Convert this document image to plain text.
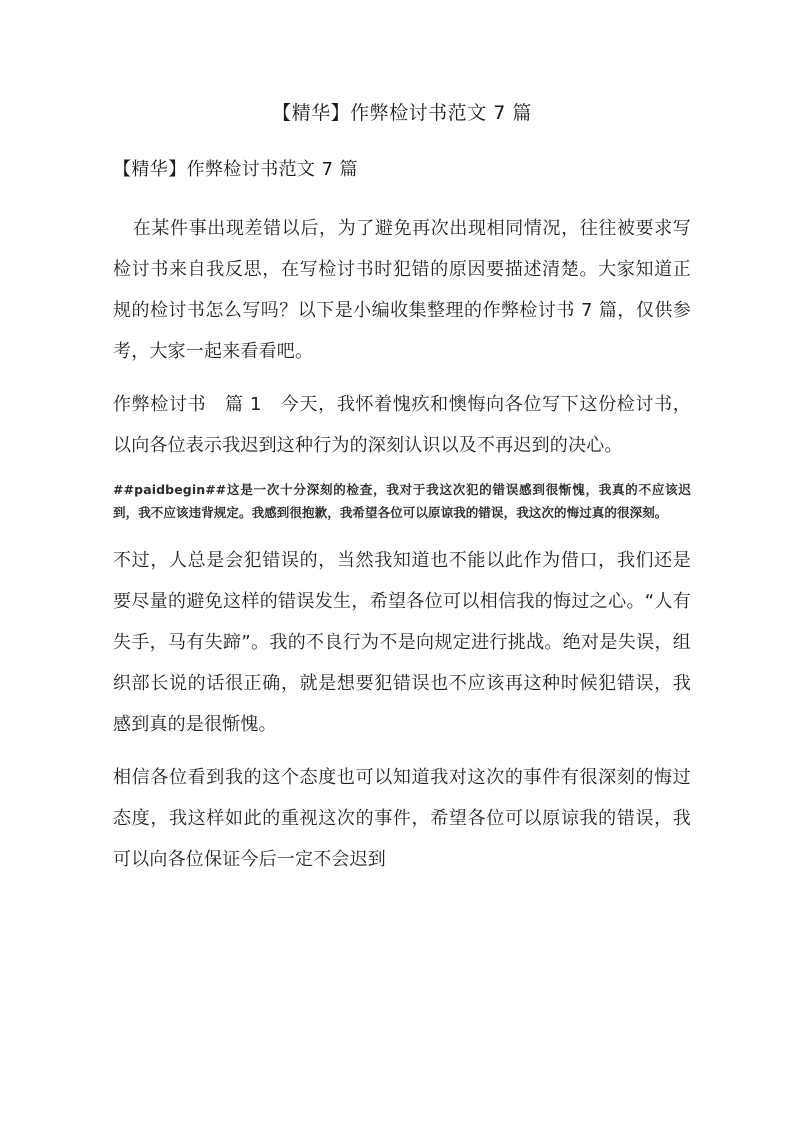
【精华】作弊检讨书范文 7 篇
【精华】作弊检讨书范文 7 篇

在某件事出现差错以后，为了避免再次出现相同情况，往往被要求写检讨书来自我反思，在写检讨书时犯错的原因要描述清楚。大家知道正规的检讨书怎么写吗？以下是小编收集整理的作弊检讨书 7 篇，仅供参考，大家一起来看看吧。

作弊检讨书　篇 1　今天，我怀着愧疚和懊悔向各位写下这份检讨书，以向各位表示我迟到这种行为的深刻认识以及不再迟到的决心。

##paidbegin##这是一次十分深刻的检查，我对于我这次犯的错误感到很惭愧，我真的不应该迟到，我不应该违背规定。我感到很抱歉，我希望各位可以原谅我的错误，我这次的悔过真的很深刻。

不过，人总是会犯错误的，当然我知道也不能以此作为借口，我们还是要尽量的避免这样的错误发生，希望各位可以相信我的悔过之心。“人有失手，马有失蹄”。我的不良行为不是向规定进行挑战。绝对是失误，组织部长说的话很正确，就是想要犯错误也不应该再这种时候犯错误，我感到真的是很惭愧。

相信各位看到我的这个态度也可以知道我对这次的事件有很深刻的悔过态度，我这样如此的重视这次的事件，希望各位可以原谅我的错误，我可以向各位保证今后一定不会迟到
